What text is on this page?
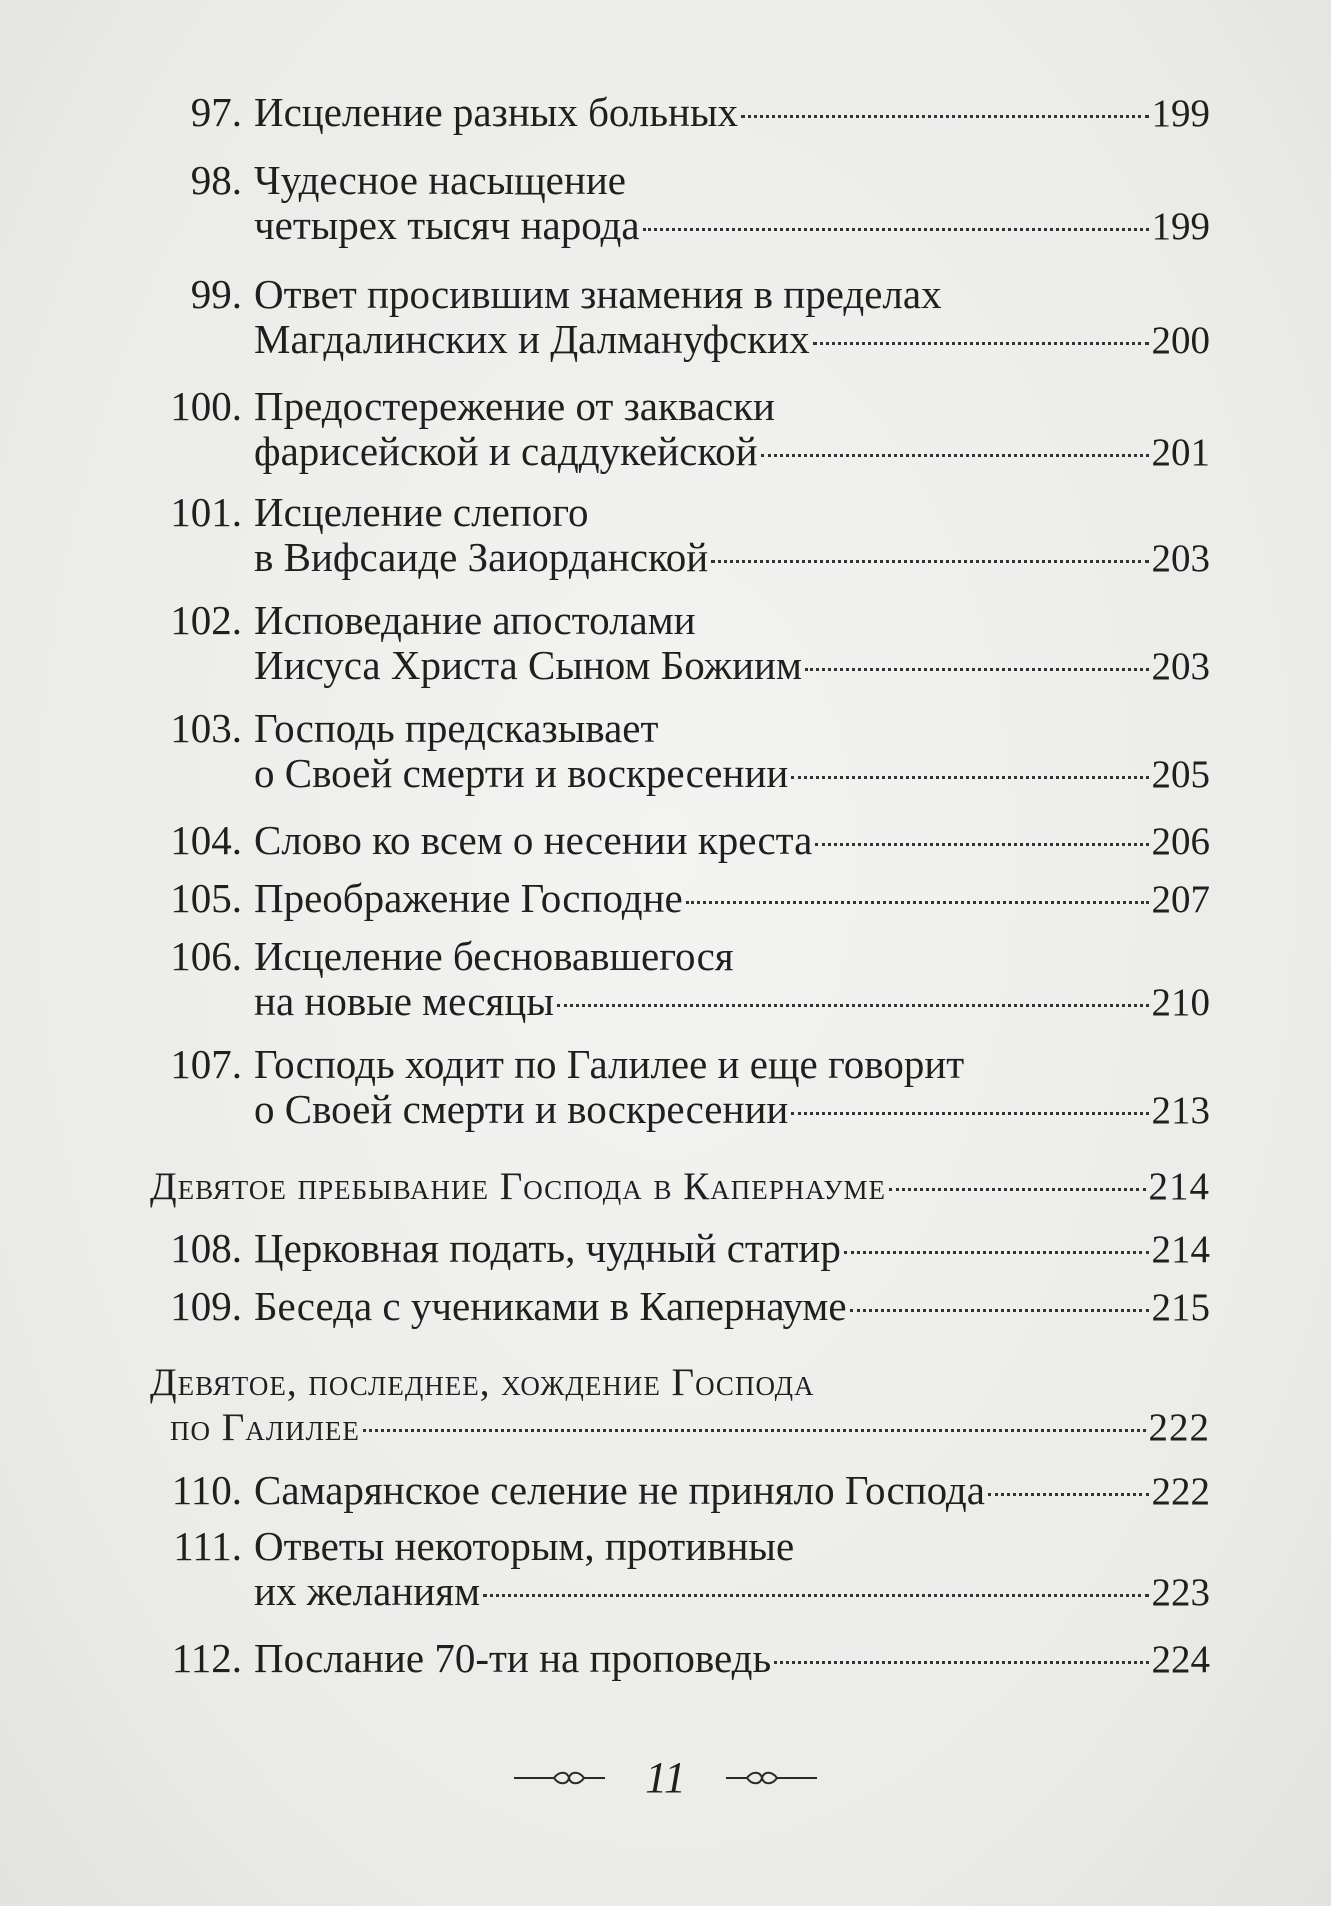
97. Исцеление разных больных	199
98. Чудесное насыщение
четырех тысяч народа	199
99. Ответ просившим знамения в пределах
Магдалинских и Далмануфских	200
100. Предостережение от закваски
фарисейской и саддукейской	201
101. Исцеление слепого
в Вифсаиде Заиорданской	203
102. Исповедание апостолами
Иисуса Христа Сыном Божиим	203
103. Господь предсказывает
о Своей смерти и воскресении	205
104. Слово ко всем о несении креста	206
105. Преображение Господне	207
106. Исцеление бесновавшегося
на новые месяцы	210
107. Господь ходит по Галилее и еще говорит
о Своей смерти и воскресении	213
Девятое пребывание Господа в Капернауме	214
108. Церковная подать, чудный статир	214
109. Беседа с учениками в Капернауме	215
Девятое, последнее, хождение Господа
по Галилее	222
110. Самарянское селение не приняло Господа	222
111. Ответы некоторым, противные
их желаниям	223
112. Послание 70-ти на проповедь	224
11
